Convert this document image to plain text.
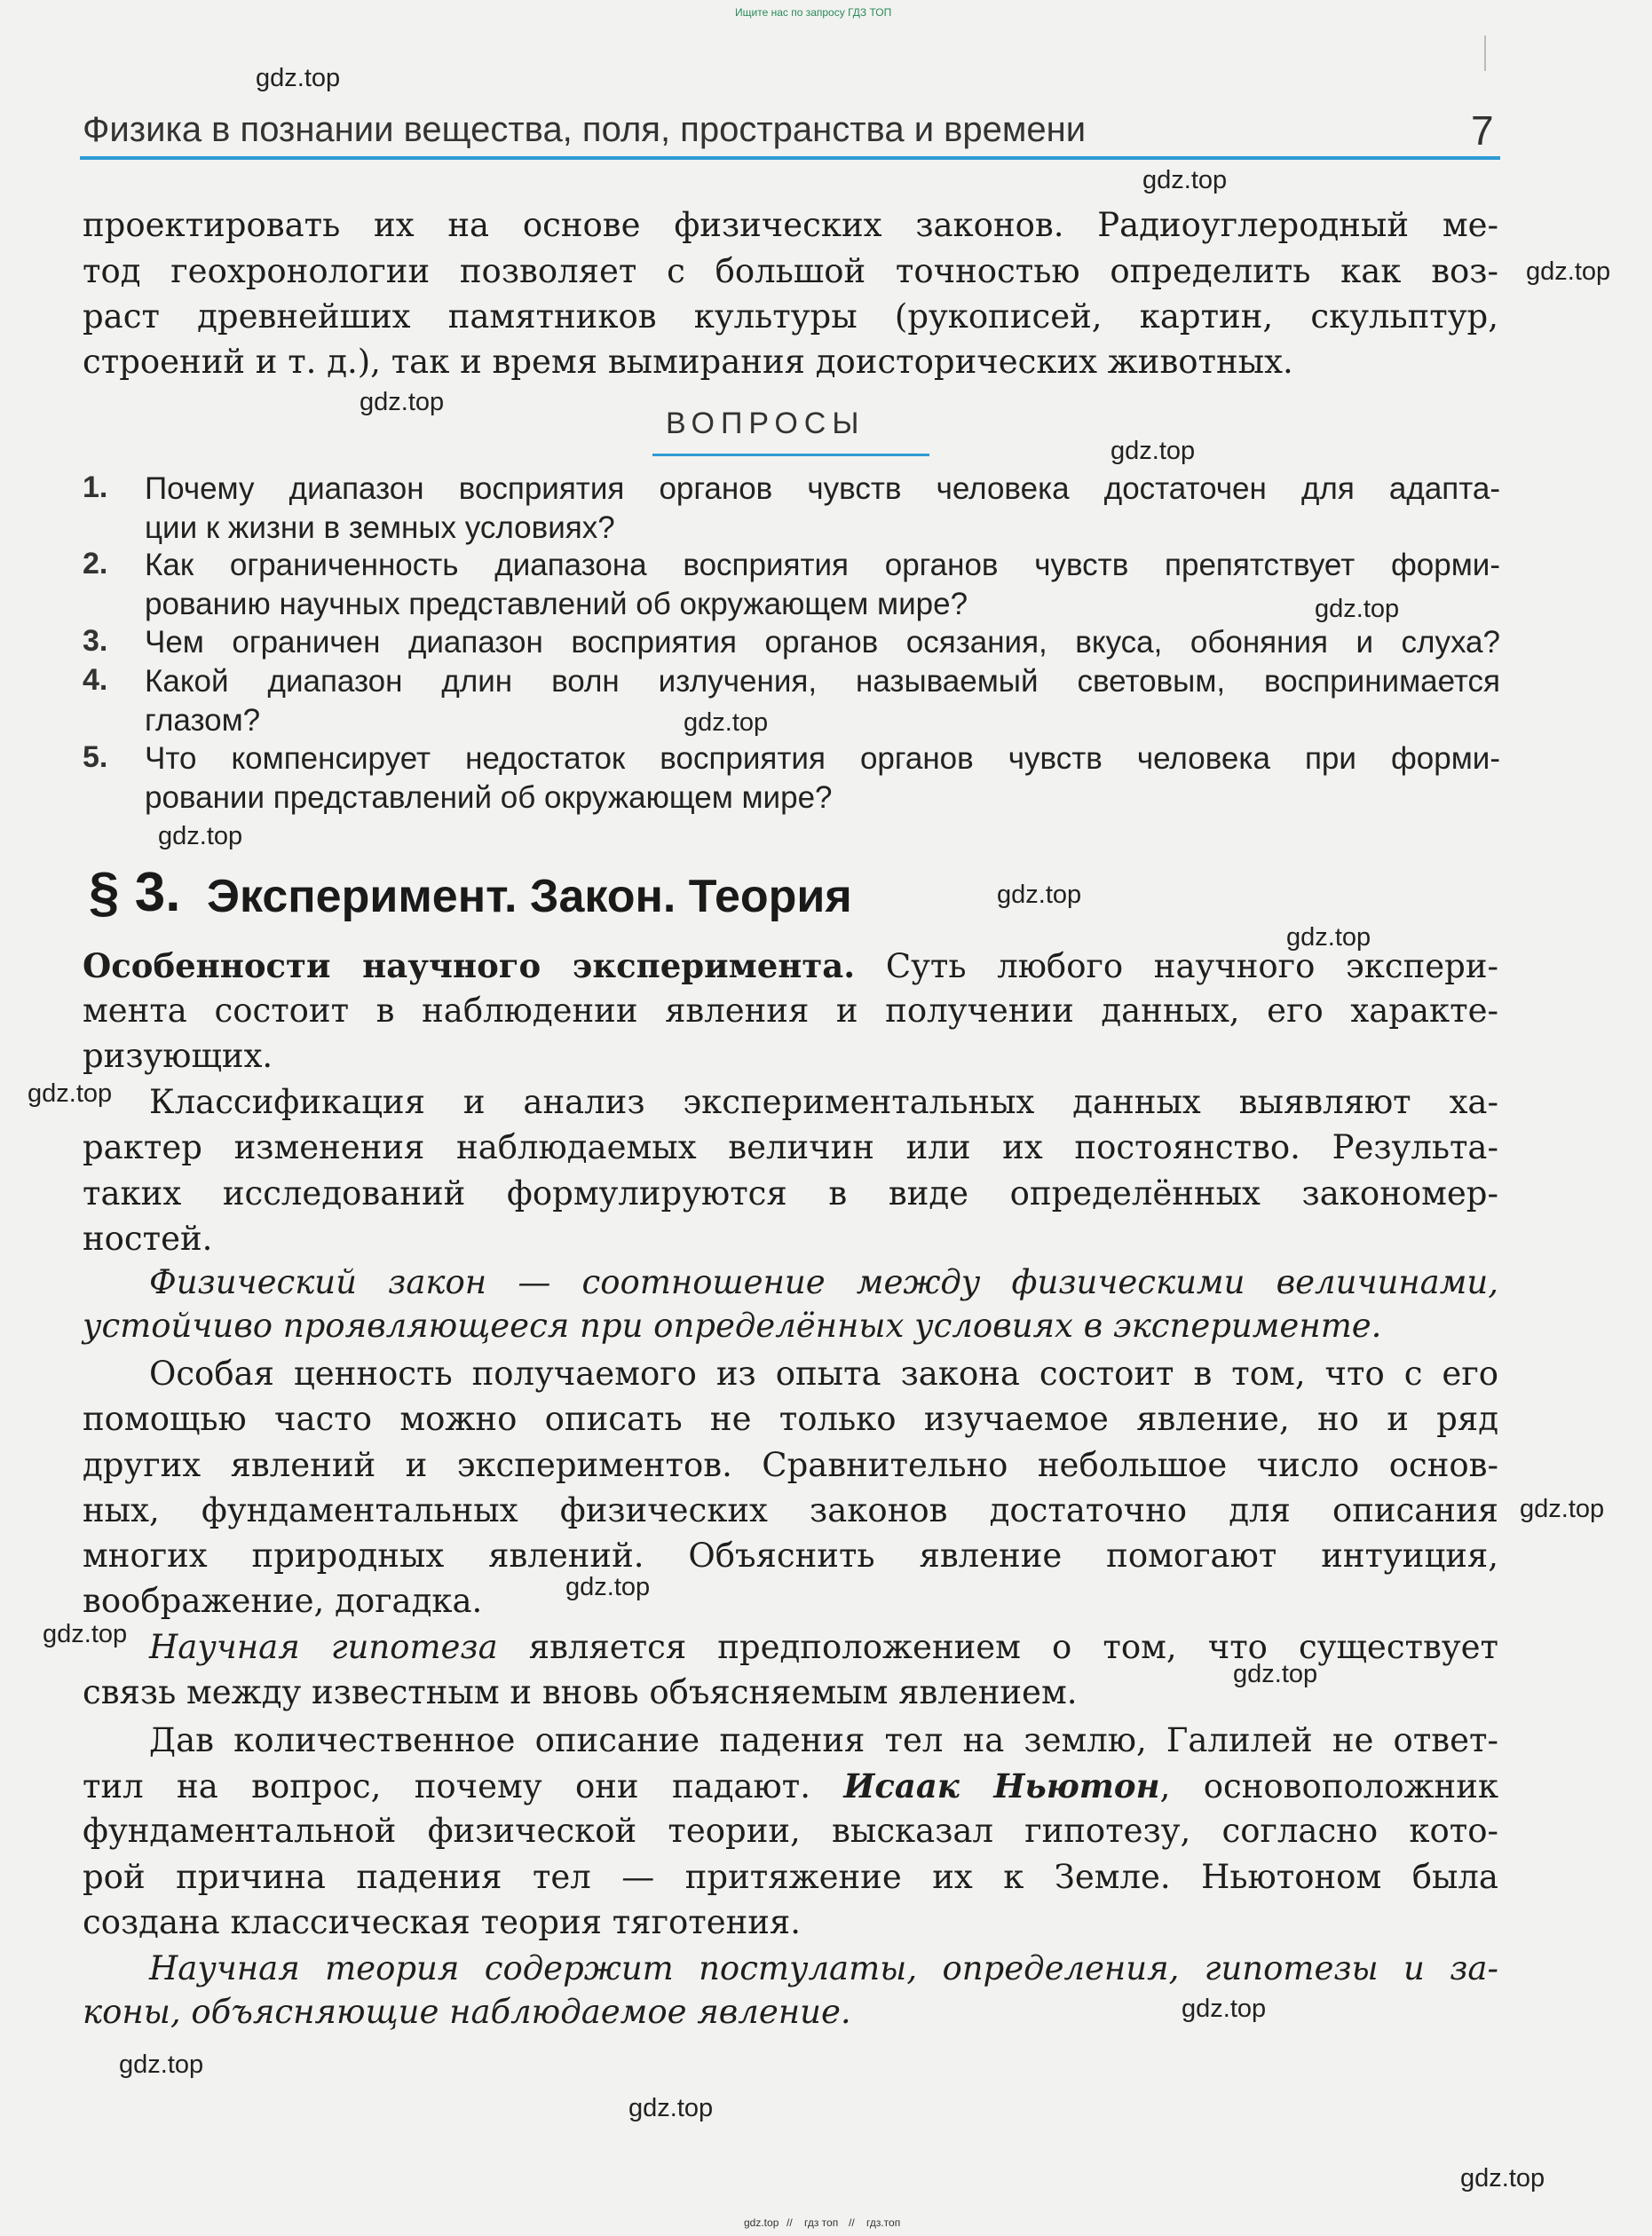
Ищите нас по запросу ГДЗ ТОП
gdz.top
gdz.top
gdz.top
gdz.top
gdz.top
gdz.top
gdz.top
gdz.top
gdz.top
gdz.top
gdz.top
gdz.top
gdz.top
gdz.top
gdz.top
gdz.top
gdz.top
gdz.top
gdz.top
Физика в познании вещества, поля, пространства и времени	7
проектировать их на основе физических законов. Радиоуглеродный ме-
тод геохронологии позволяет с большой точностью определить как воз-
раст древнейших памятников культуры (рукописей, картин, скульптур,
строений и т. д.), так и время вымирания доисторических животных.
ВОПРОСЫ
1. Почему диапазон восприятия органов чувств человека достаточен для адапта-
ции к жизни в земных условиях?
2. Как ограниченность диапазона восприятия органов чувств препятствует форми-
рованию научных представлений об окружающем мире?
3. Чем ограничен диапазон восприятия органов осязания, вкуса, обоняния и слуха?
4. Какой диапазон длин волн излучения, называемый световым, воспринимается
глазом?
5. Что компенсирует недостаток восприятия органов чувств человека при форми-
ровании представлений об окружающем мире?
§ 3. Эксперимент. Закон. Теория
Особенности научного эксперимента. Суть любого научного экспери-
мента состоит в наблюдении явления и получении данных, его характе-
ризующих.
Классификация и анализ экспериментальных данных выявляют ха-
рактер изменения наблюдаемых величин или их постоянство. Результа-
таких исследований формулируются в виде определённых закономер-
ностей.
Физический закон — соотношение между физическими величинами,
устойчиво проявляющееся при определённых условиях в эксперименте.
Особая ценность получаемого из опыта закона состоит в том, что с его
помощью часто можно описать не только изучаемое явление, но и ряд
других явлений и экспериментов. Сравнительно небольшое число основ-
ных, фундаментальных физических законов достаточно для описания
многих природных явлений. Объяснить явление помогают интуиция,
воображение, догадка.
Научная гипотеза является предположением о том, что существует
связь между известным и вновь объясняемым явлением.
Дав количественное описание падения тел на землю, Галилей не ответ-
тил на вопрос, почему они падают. Исаак Ньютон, основоположник
фундаментальной физической теории, высказал гипотезу, согласно кото-
рой причина падения тел — притяжение их к Земле. Ньютоном была
создана классическая теория тяготения.
Научная теория содержит постулаты, определения, гипотезы и за-
коны, объясняющие наблюдаемое явление.
gdz.top // гдз топ // гдз.топ
